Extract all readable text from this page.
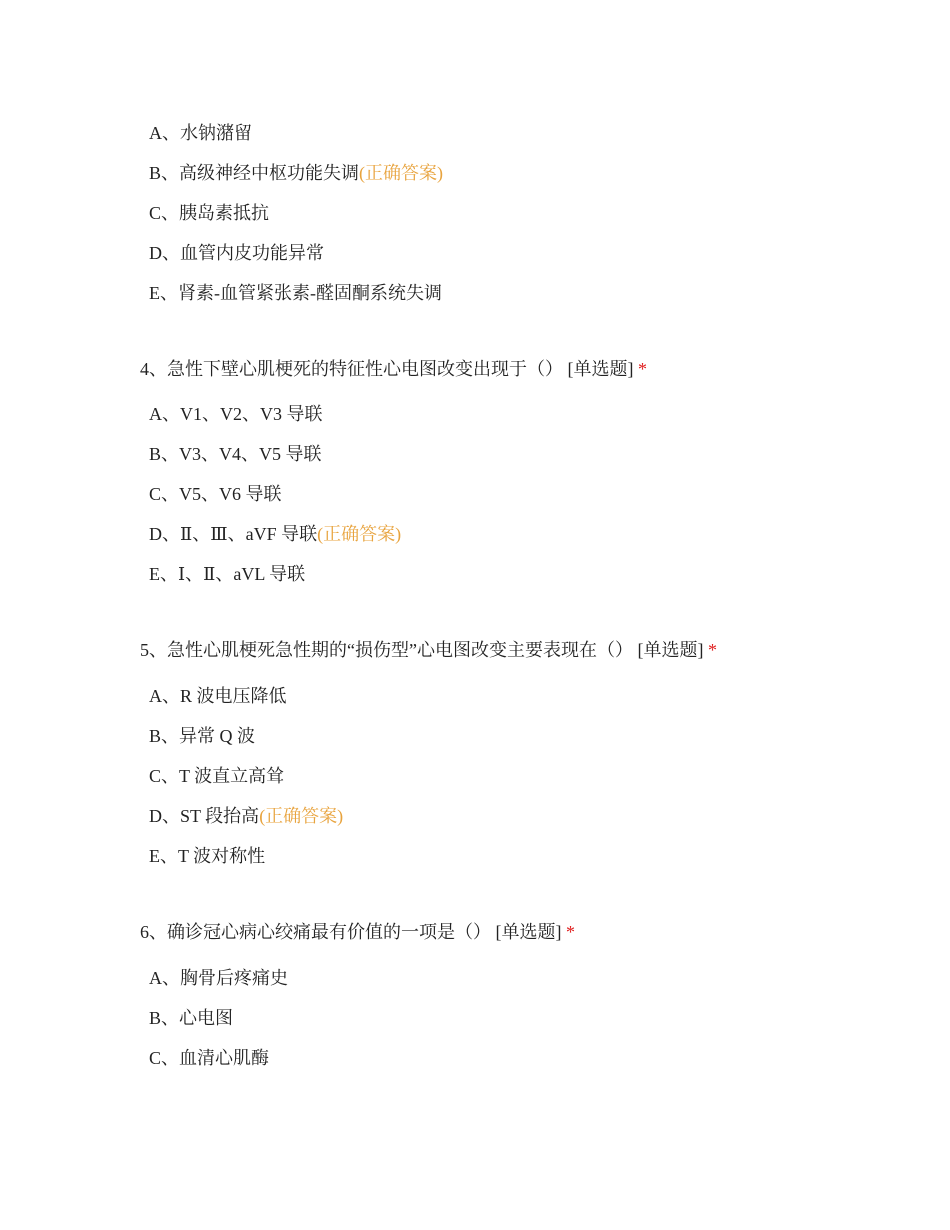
A、水钠潴留
B、高级神经中枢功能失调(正确答案)
C、胰岛素抵抗
D、血管内皮功能异常
E、肾素-血管紧张素-醛固酮系统失调
4、急性下壁心肌梗死的特征性心电图改变出现于（） [单选题] *
A、V1、V2、V3 导联
B、V3、V4、V5 导联
C、V5、V6 导联
D、Ⅱ、Ⅲ、aVF 导联(正确答案)
E、Ⅰ、Ⅱ、aVL 导联
5、急性心肌梗死急性期的“损伤型”心电图改变主要表现在（） [单选题] *
A、R 波电压降低
B、异常 Q 波
C、T 波直立高耸
D、ST 段抬高(正确答案)
E、T 波对称性
6、确诊冠心病心绞痛最有价值的一项是（） [单选题] *
A、胸骨后疼痛史
B、心电图
C、血清心肌酶
